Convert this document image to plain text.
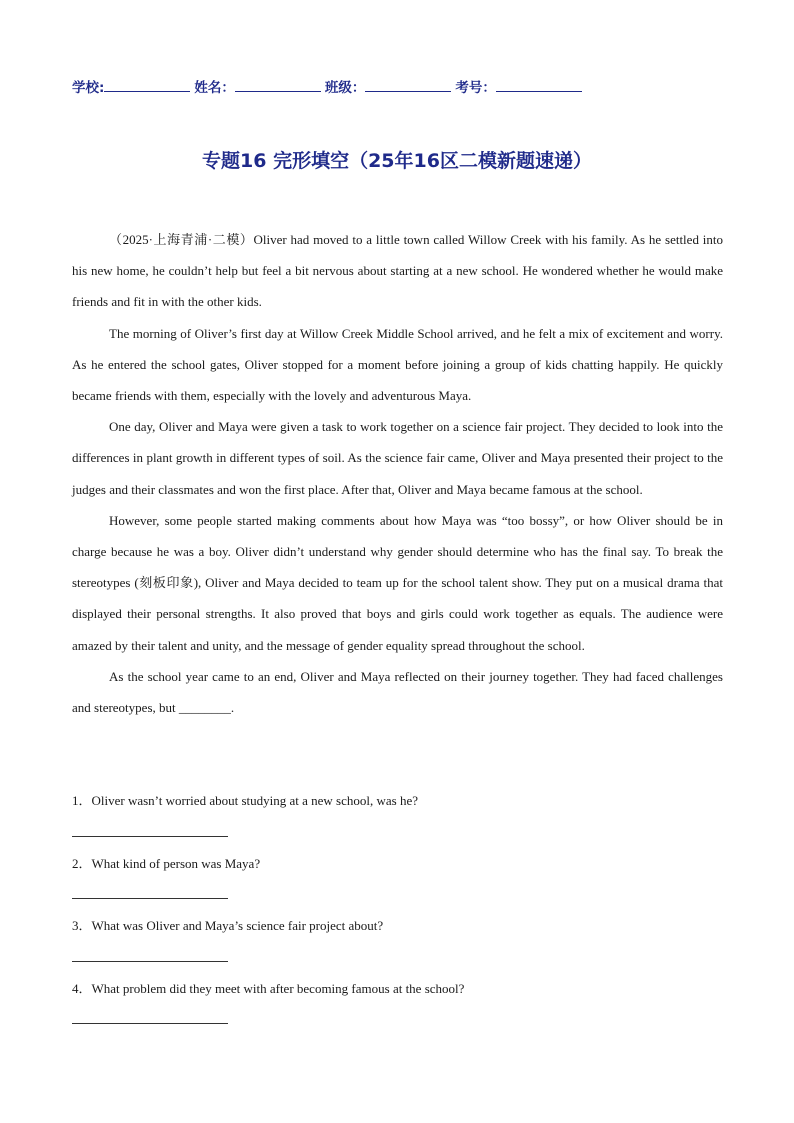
学校:	姓名：	班级：	考号：
专题16 完形填空（25年16区二模新题速递）

（2025·上海青浦·二模）Oliver had moved to a little town called Willow Creek with his family. As he settled into his new home, he couldn’t help but feel a bit nervous about starting at a new school. He wondered whether he would make friends and fit in with the other kids.

The morning of Oliver’s first day at Willow Creek Middle School arrived, and he felt a mix of excitement and worry. As he entered the school gates, Oliver stopped for a moment before joining a group of kids chatting happily. He quickly became friends with them, especially with the lovely and adventurous Maya.

One day, Oliver and Maya were given a task to work together on a science fair project. They decided to look into the differences in plant growth in different types of soil. As the science fair came, Oliver and Maya presented their project to the judges and their classmates and won the first place. After that, Oliver and Maya became famous at the school.

However, some people started making comments about how Maya was “too bossy”, or how Oliver should be in charge because he was a boy. Oliver didn’t understand why gender should determine who has the final say. To break the stereotypes (刻板印象), Oliver and Maya decided to team up for the school talent show. They put on a musical drama that displayed their personal strengths. It also proved that boys and girls could work together as equals. The audience were amazed by their talent and unity, and the message of gender equality spread throughout the school.

As the school year came to an end, Oliver and Maya reflected on their journey together. They had faced challenges and stereotypes, but ________.

1．Oliver wasn’t worried about studying at a new school, was he?
2．What kind of person was Maya?
3．What was Oliver and Maya’s science fair project about?
4．What problem did they meet with after becoming famous at the school?
